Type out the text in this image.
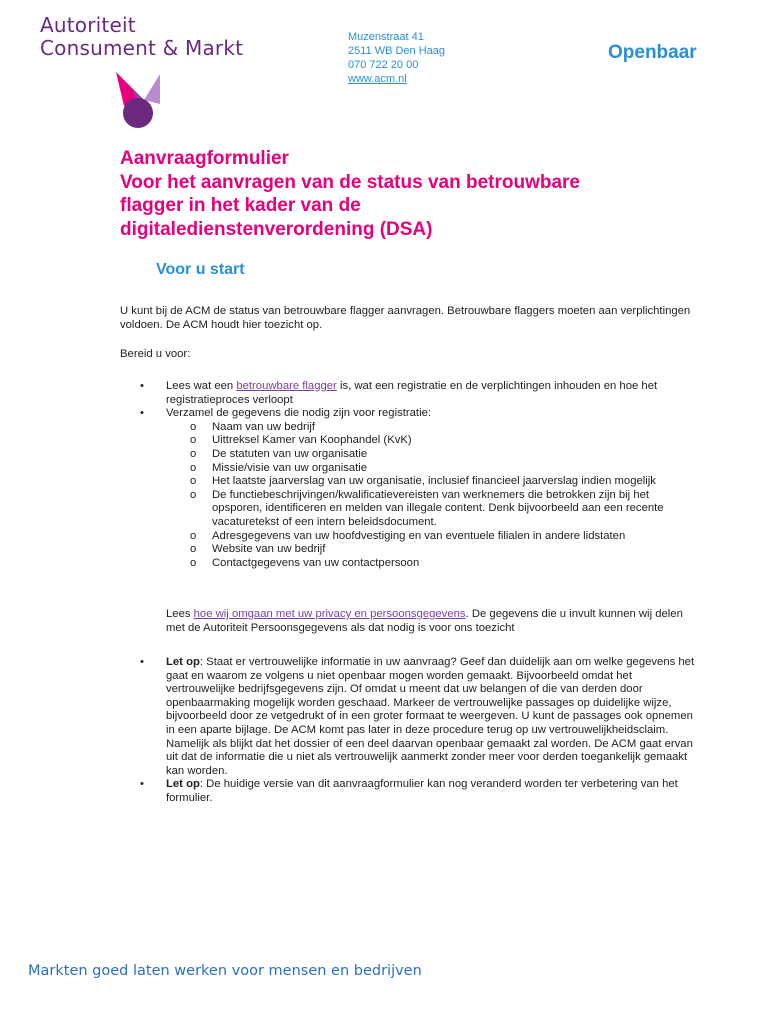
Autoriteit
Consument & Markt	Muzenstraat 41
2511 WB Den Haag
070 722 20 00
www.acm.nl
Openbaar
Aanvraagformulier
Voor het aanvragen van de status van betrouwbare
flagger in het kader van de
digitaledienstenverordening (DSA)
Voor u start

U kunt bij de ACM de status van betrouwbare flagger aanvragen. Betrouwbare flaggers moeten aan verplichtingen voldoen. De ACM houdt hier toezicht op.

Bereid u voor:

• Lees wat een betrouwbare flagger is, wat een registratie en de verplichtingen inhouden en hoe het registratieproces verloopt
• Verzamel de gegevens die nodig zijn voor registratie:
o Naam van uw bedrijf
o Uittreksel Kamer van Koophandel (KvK)
o De statuten van uw organisatie
o Missie/visie van uw organisatie
o Het laatste jaarverslag van uw organisatie, inclusief financieel jaarverslag indien mogelijk
o De functiebeschrijvingen/kwalificatievereisten van werknemers die betrokken zijn bij het opsporen, identificeren en melden van illegale content. Denk bijvoorbeeld aan een recente vacaturetekst of een intern beleidsdocument.
o Adresgegevens van uw hoofdvestiging en van eventuele filialen in andere lidstaten
o Website van uw bedrijf
o Contactgegevens van uw contactpersoon

Lees hoe wij omgaan met uw privacy en persoonsgegevens. De gegevens die u invult kunnen wij delen met de Autoriteit Persoonsgegevens als dat nodig is voor ons toezicht

• Let op: Staat er vertrouwelijke informatie in uw aanvraag? Geef dan duidelijk aan om welke gegevens het gaat en waarom ze volgens u niet openbaar mogen worden gemaakt. Bijvoorbeeld omdat het vertrouwelijke bedrijfsgegevens zijn. Of omdat u meent dat uw belangen of die van derden door openbaarmaking mogelijk worden geschaad. Markeer de vertrouwelijke passages op duidelijke wijze, bijvoorbeeld door ze vetgedrukt of in een groter formaat te weergeven. U kunt de passages ook opnemen in een aparte bijlage. De ACM komt pas later in deze procedure terug op uw vertrouwelijkheidsclaim. Namelijk als blijkt dat het dossier of een deel daarvan openbaar gemaakt zal worden. De ACM gaat ervan uit dat de informatie die u niet als vertrouwelijk aanmerkt zonder meer voor derden toegankelijk gemaakt kan worden.
• Let op: De huidige versie van dit aanvraagformulier kan nog veranderd worden ter verbetering van het formulier.
Markten goed laten werken voor mensen en bedrijven
